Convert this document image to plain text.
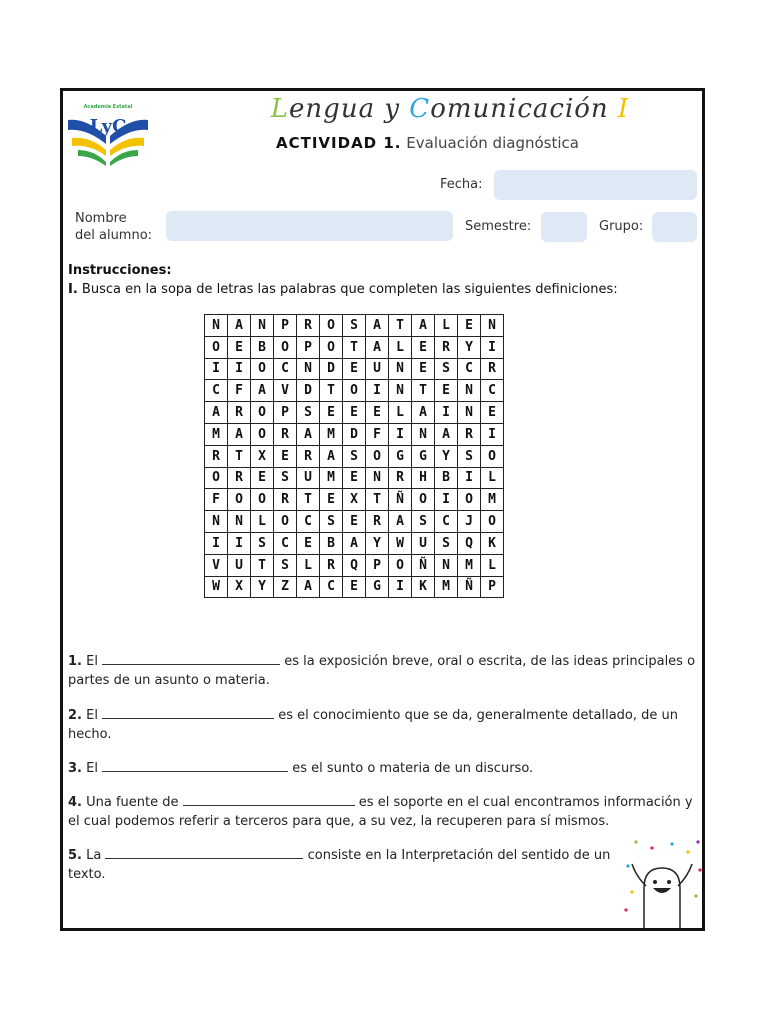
Academia Estatal
LyC
Lengua y Comunicación I
ACTIVIDAD 1. Evaluación diagnóstica
Fecha:
Nombre
del alumno:
Semestre:	Grupo:
Instrucciones:
I. Busca en la sopa de letras las palabras que completen las siguientes definiciones:
N	A	N	P	R	O	S	A	T	A	L	E	N
O	E	B	O	P	O	T	A	L	E	R	Y	I
I	I	O	C	N	D	E	U	N	E	S	C	R
C	F	A	V	D	T	O	I	N	T	E	N	C
A	R	O	P	S	E	E	E	L	A	I	N	E
M	A	O	R	A	M	D	F	I	N	A	R	I
R	T	X	E	R	A	S	O	G	G	Y	S	O
O	R	E	S	U	M	E	N	R	H	B	I	L
F	O	O	R	T	E	X	T	Ñ	O	I	O	M
N	N	L	O	C	S	E	R	A	S	C	J	O
I	I	S	C	E	B	A	Y	W	U	S	Q	K
V	U	T	S	L	R	Q	P	O	Ñ	N	M	L
W	X	Y	Z	A	C	E	G	I	K	M	Ñ	P
1. El	es la exposición breve, oral o escrita, de las ideas principales o partes de un asunto o materia.
2. El	es el conocimiento que se da, generalmente detallado, de un hecho.
3. El	es el sunto o materia de un discurso.
4. Una fuente de	es el soporte en el cual encontramos información y el cual podemos referir a terceros para que, a su vez, la recuperen para sí mismos.
5. La	consiste en la Interpretación del sentido de un texto.
